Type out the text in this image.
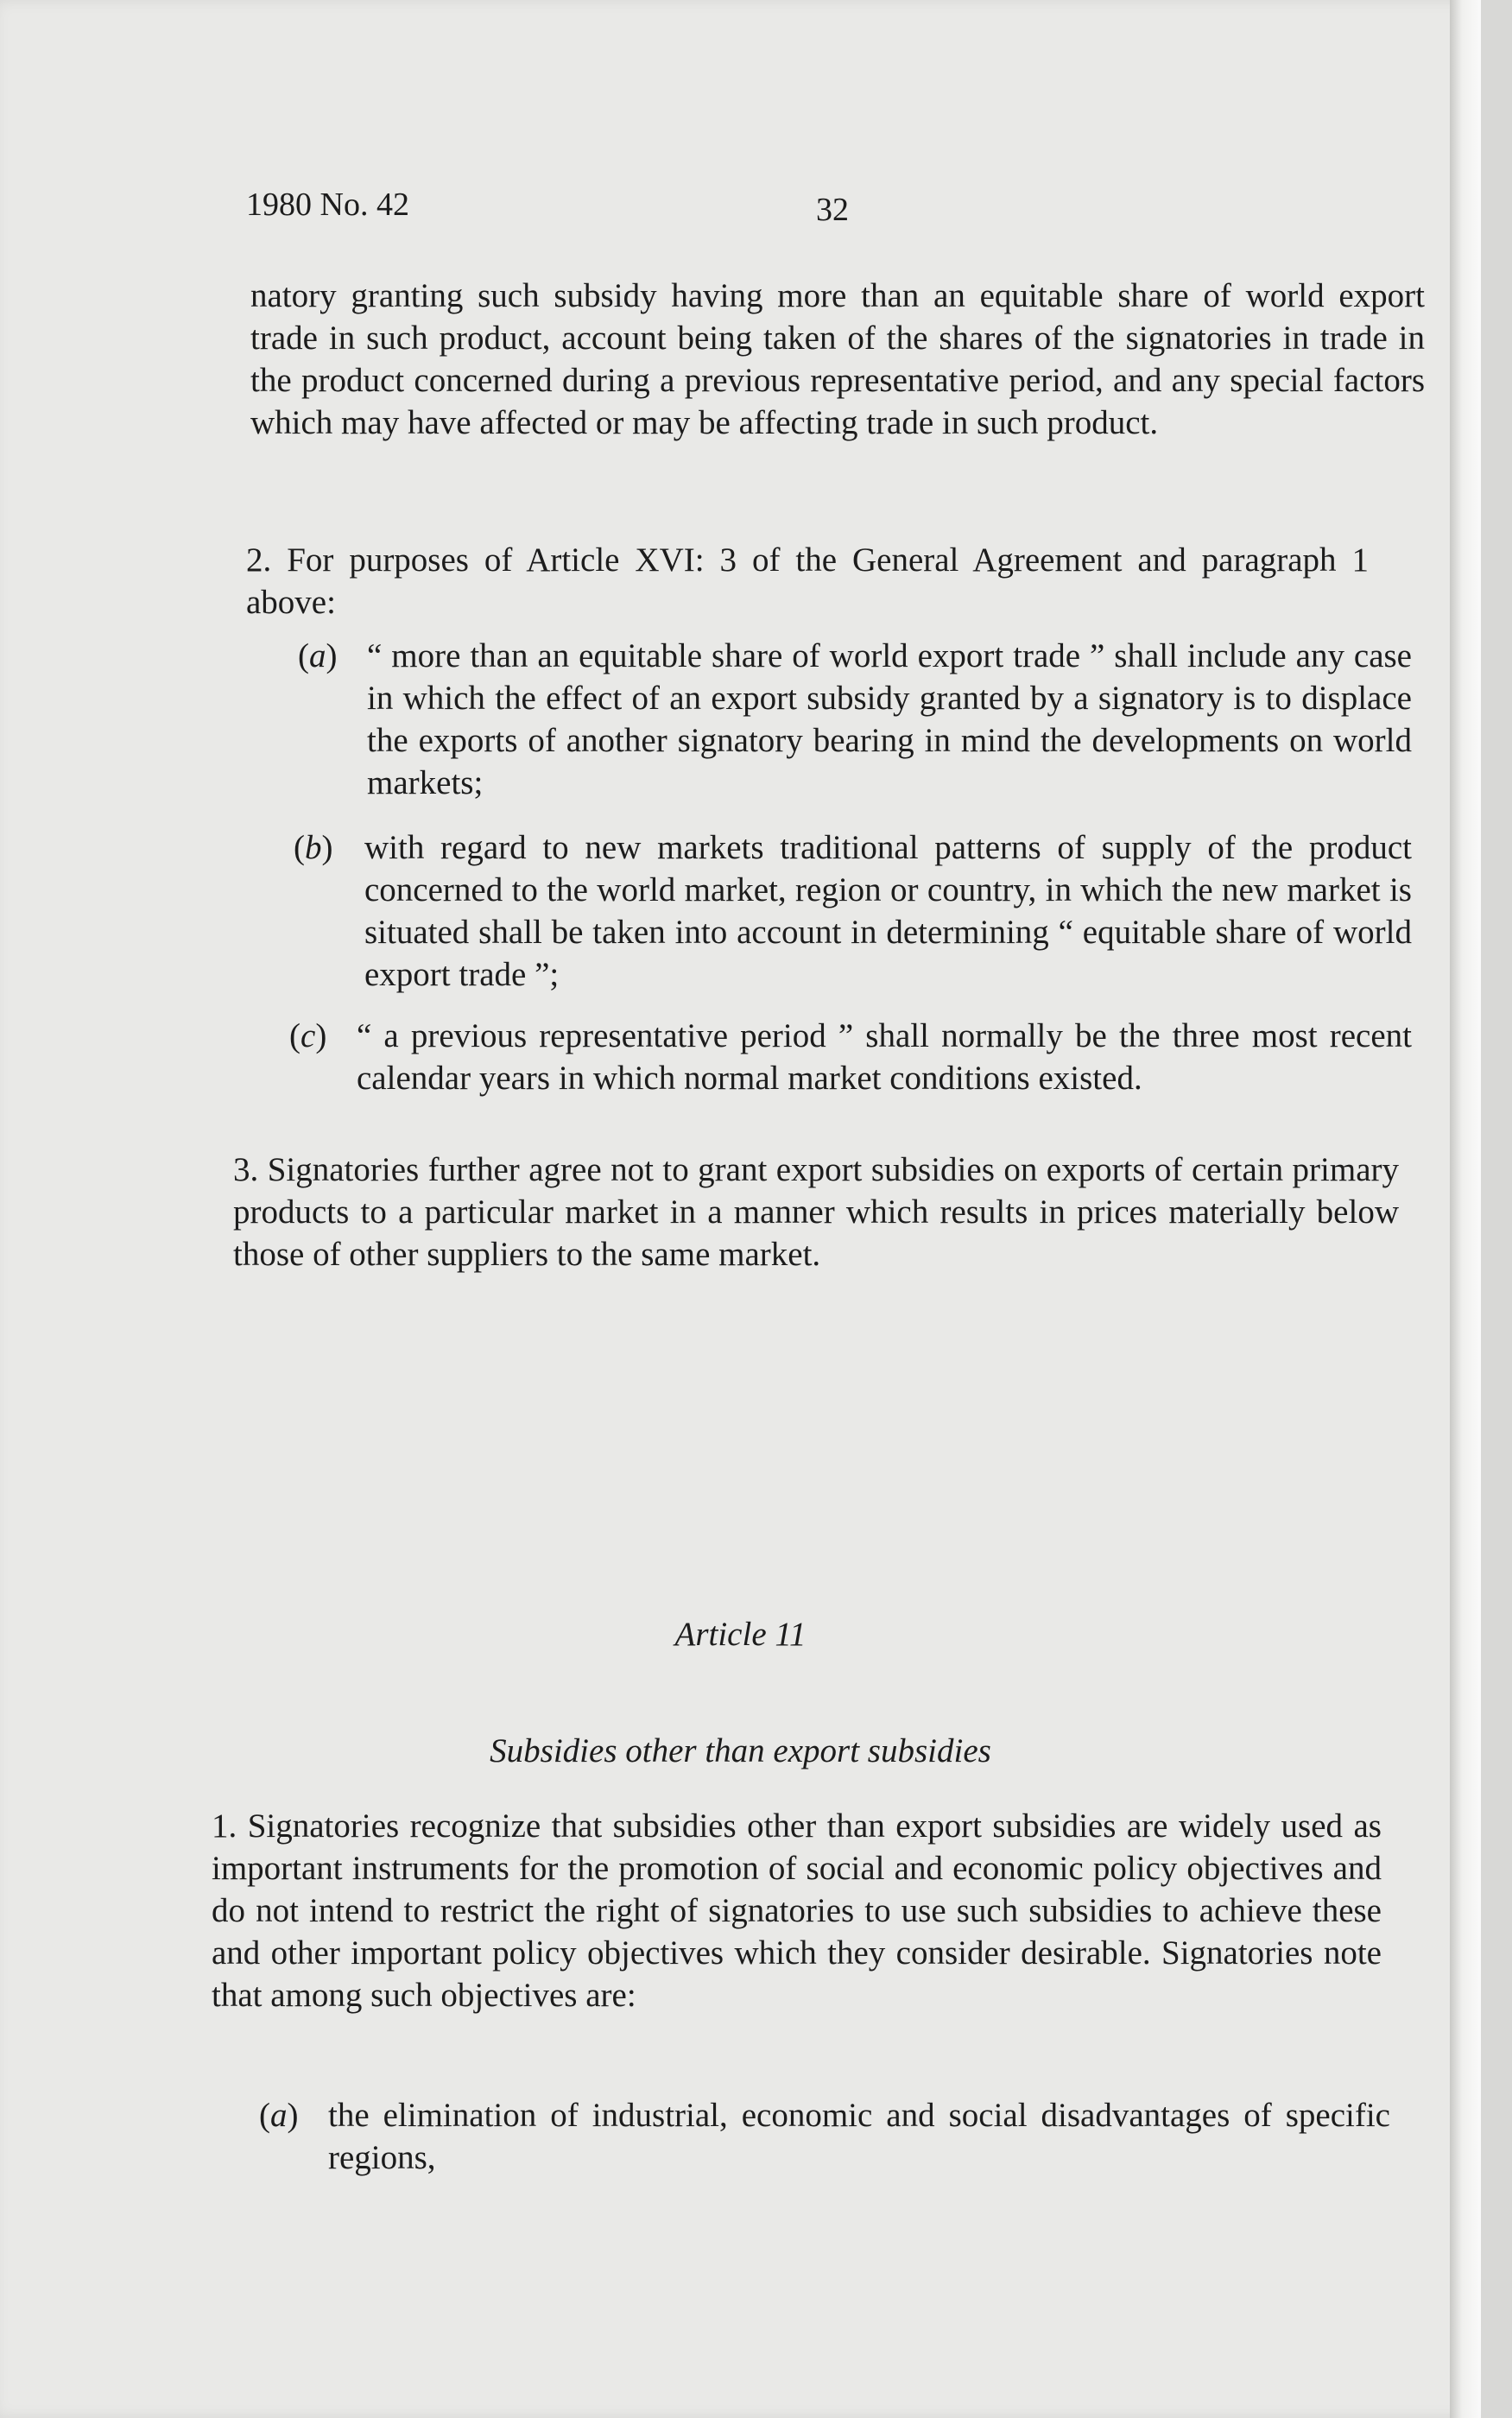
1980 No. 42	32

natory granting such subsidy having more than an equitable share of world export trade in such product, account being taken of the shares of the signatories in trade in the product concerned during a previous representative period, and any special factors which may have affected or may be affecting trade in such product.

2. For purposes of Article XVI: 3 of the General Agreement and paragraph 1 above:

(a) “ more than an equitable share of world export trade ” shall include any case in which the effect of an export subsidy granted by a signatory is to displace the exports of another signatory bearing in mind the developments on world markets;
(b) with regard to new markets traditional patterns of supply of the product concerned to the world market, region or country, in which the new market is situated shall be taken into account in determining “ equitable share of world export trade ”;
(c) “ a previous representative period ” shall normally be the three most recent calendar years in which normal market conditions existed.

3. Signatories further agree not to grant export subsidies on exports of certain primary products to a particular market in a manner which results in prices materially below those of other suppliers to the same market.

Article 11
Subsidies other than export subsidies

1. Signatories recognize that subsidies other than export subsidies are widely used as important instruments for the promotion of social and economic policy objectives and do not intend to restrict the right of signatories to use such subsidies to achieve these and other important policy objectives which they consider desirable. Signatories note that among such objectives are:

(a) the elimination of industrial, economic and social disadvantages of specific regions,
